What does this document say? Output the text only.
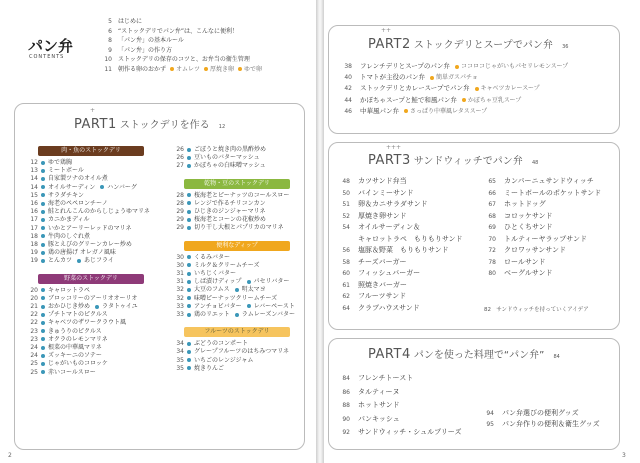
パン弁
CONTENTS
5 はじめに
6 “ストックデリでパン弁”は、こんなに便利！
8 「パン弁」の基本ルール
9 「パン弁」の作り方
10 ストックデリの保存のコツと、お弁当の衛生管理
11 朝作る卵のおかず オムレツ 厚焼き卵 ゆで卵
+
PART1 ストックデリを作る 12
肉・魚のストックデリ
12 ゆで鶏胸
13 ミートボール
14 自家製ツナのオイル煮
14 オイルサーディン ハンバーグ
15 サラダチキン
16 海老のペペロンチーノ
16 鮭とれんこんのからしじょうゆマリネ
17 カニかまディル
17 いかとアーリーレッドのマリネ
18 牛肉のしぐれ煮
18 豚とえびのグリーンカレー炒め
19 鶏の唐揚げ オレガノ風味
19 とんカツ あじフライ
野菜のストックデリ
20 キャロットラペ
20 ブロッコリーのアーリオオーリオ
21 おかひじき炒め ラタトゥイユ
22 プチトマトのピクルス
22 キャベツのザワークラウト風
23 きゅうりのピクルス
23 オクラのレモンマリネ
24 根菜の中華風マリネ
24 ズッキーニのソテー
25 じゃがいものコロッケ
25 赤いコールスロー
26 ごぼうと焼き肉の黒酢炒め
26 豆いものバターマッシュ
27 かぼちゃの白味噌マッシュ
乾物・豆のストックデリ
28 桜海老とピーナッツのコールスロー
28 レンジで作るチリコンカン
29 ひじきのジンジャーマリネ
29 桜海老とコーンの花椒炒め
29 切り干し大根とパプリカのマリネ
便利なディップ
30 くるみバター
30 ミルク＆クリームチーズ
31 いちじくバター
31 しば漬けディップ パセリバター
32 大豆のフムス 明太マヨ
32 味噌ピーナッツクリームチーズ
33 アンチョビバター レバーペースト
33 鶏のリエット ラムレーズンバター
フルーツのストックデリ
34 ぶどうのコンポート
34 グレープフルーツのはちみつマリネ
35 いちごのレンジジャム
35 焼きりんご
++
PART2 ストックデリとスープでパン弁 36
38 フレンチデリとスープのパン弁 ココロコじゃがいもパセリレモンスープ
40 トマトが主役のパン弁 簡単ガスパチョ
42 ストックデリとカレースープでパン弁 キャベツカレースープ
44 かぼちゃスープと鮭で和風パン弁 かぼちゃ豆乳スープ
46 中華風パン弁 さっぱり中華風レタススープ
+++
PART3 サンドウィッチでパン弁 48
48 カツサンド弁当
50 バインミーサンド
51 卵＆カニサラダサンド
52 厚焼き卵サンド
54 オイルサーディン＆
キャロットラペ　もりもりサンド
56 塩豚＆野菜　もりもりサンド
58 チーズバーガー
60 フィッシュバーガー
61 照焼きバーガー
62 フルーツサンド
64 クラブハウスサンド
65 カンパーニュサンドウィッチ
66 ミートボールのポケットサンド
67 ホットドッグ
68 コロッケサンド
69 ひとくちサンド
70 トルティーヤラップサンド
72 クロワッサンサンド
78 ロールサンド
80 ベーグルサンド
82 サンドウィッチを持っていくアイデア
PART4 パンを使った料理で“パン弁” 84
84 フレンチトースト
86 タルティーヌ
88 ホットサンド
90 パンキッシュ
92 サンドウィッチ・シュルプリーズ
94 パン弁選びの便利グッズ
95 パン弁作りの便利＆衛生グッズ
2	3
